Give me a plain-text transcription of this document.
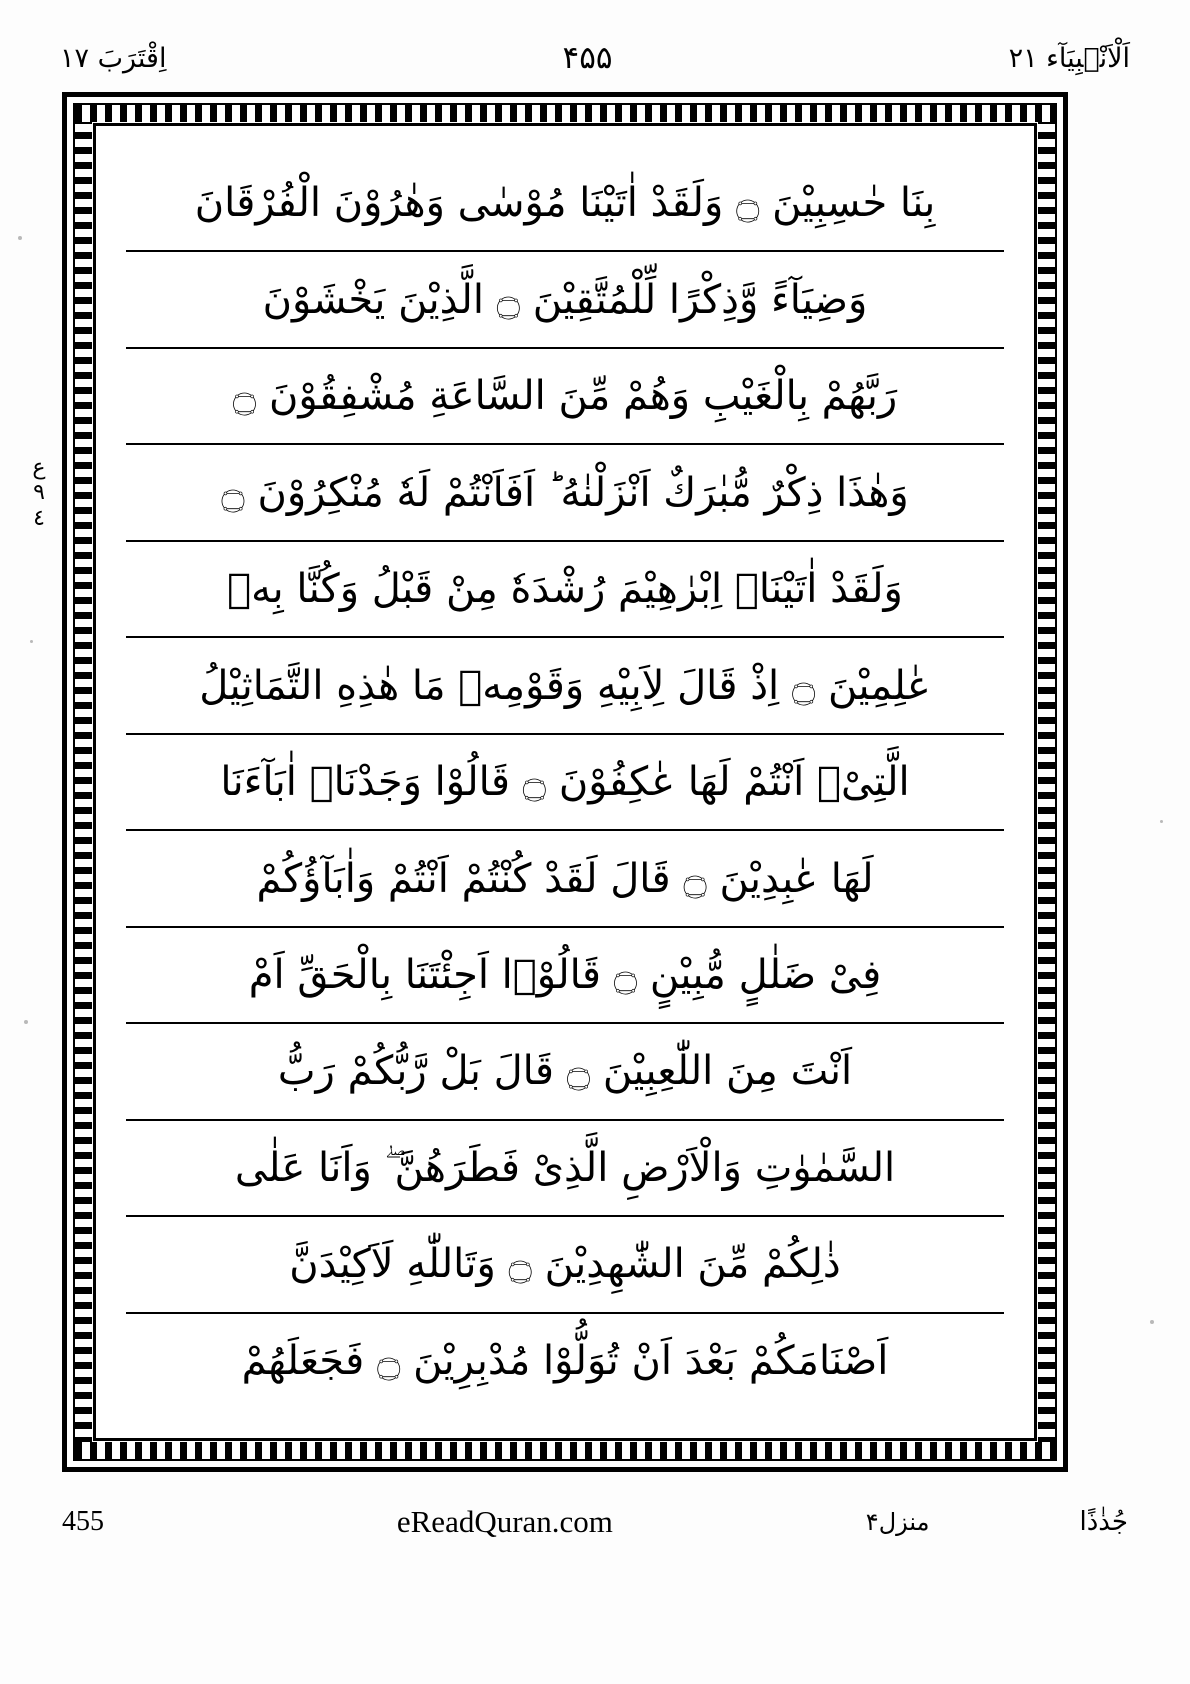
اَلْاَنْۢبِیَآء ٢١
۴۵۵
اِقْتَرَبَ ١٧
ع
٩
٤
بِنَا حٰسِبِیْنَ ۝ وَلَقَدْ اٰتَیْنَا مُوْسٰی وَهٰرُوْنَ الْفُرْقَانَ
وَضِیَآءً وَّذِكْرًا لِّلْمُتَّقِیْنَ ۝ الَّذِیْنَ یَخْشَوْنَ
رَبَّهُمْ بِالْغَیْبِ وَهُمْ مِّنَ السَّاعَةِ مُشْفِقُوْنَ ۝
وَهٰذَا ذِكْرٌ مُّبٰرَكٌ اَنْزَلْنٰهُ ؕ اَفَاَنْتُمْ لَهٗ مُنْكِرُوْنَ ۝
وَلَقَدْ اٰتَیْنَاۤ اِبْرٰهِیْمَ رُشْدَهٗ مِنْ قَبْلُ وَكُنَّا بِهٖ
عٰلِمِیْنَ ۝ اِذْ قَالَ لِاَبِیْهِ وَقَوْمِهٖ مَا هٰذِهِ التَّمَاثِیْلُ
الَّتِیْۤ اَنْتُمْ لَهَا عٰكِفُوْنَ ۝ قَالُوْا وَجَدْنَاۤ اٰبَآءَنَا
لَهَا عٰبِدِیْنَ ۝ قَالَ لَقَدْ كُنْتُمْ اَنْتُمْ وَاٰبَآؤُكُمْ
فِیْ ضَلٰلٍ مُّبِیْنٍ ۝ قَالُوْۤا اَجِئْتَنَا بِالْحَقِّ اَمْ
اَنْتَ مِنَ اللّٰعِبِیْنَ ۝ قَالَ بَلْ رَّبُّكُمْ رَبُّ
السَّمٰوٰتِ وَالْاَرْضِ الَّذِیْ فَطَرَهُنَّ ۖ وَاَنَا عَلٰی
ذٰلِكُمْ مِّنَ الشّٰهِدِیْنَ ۝ وَتَاللّٰهِ لَاَكِیْدَنَّ
اَصْنَامَكُمْ بَعْدَ اَنْ تُوَلُّوْا مُدْبِرِیْنَ ۝ فَجَعَلَهُمْ
جُذٰذًا
منزل۴
eReadQuran.com
455
